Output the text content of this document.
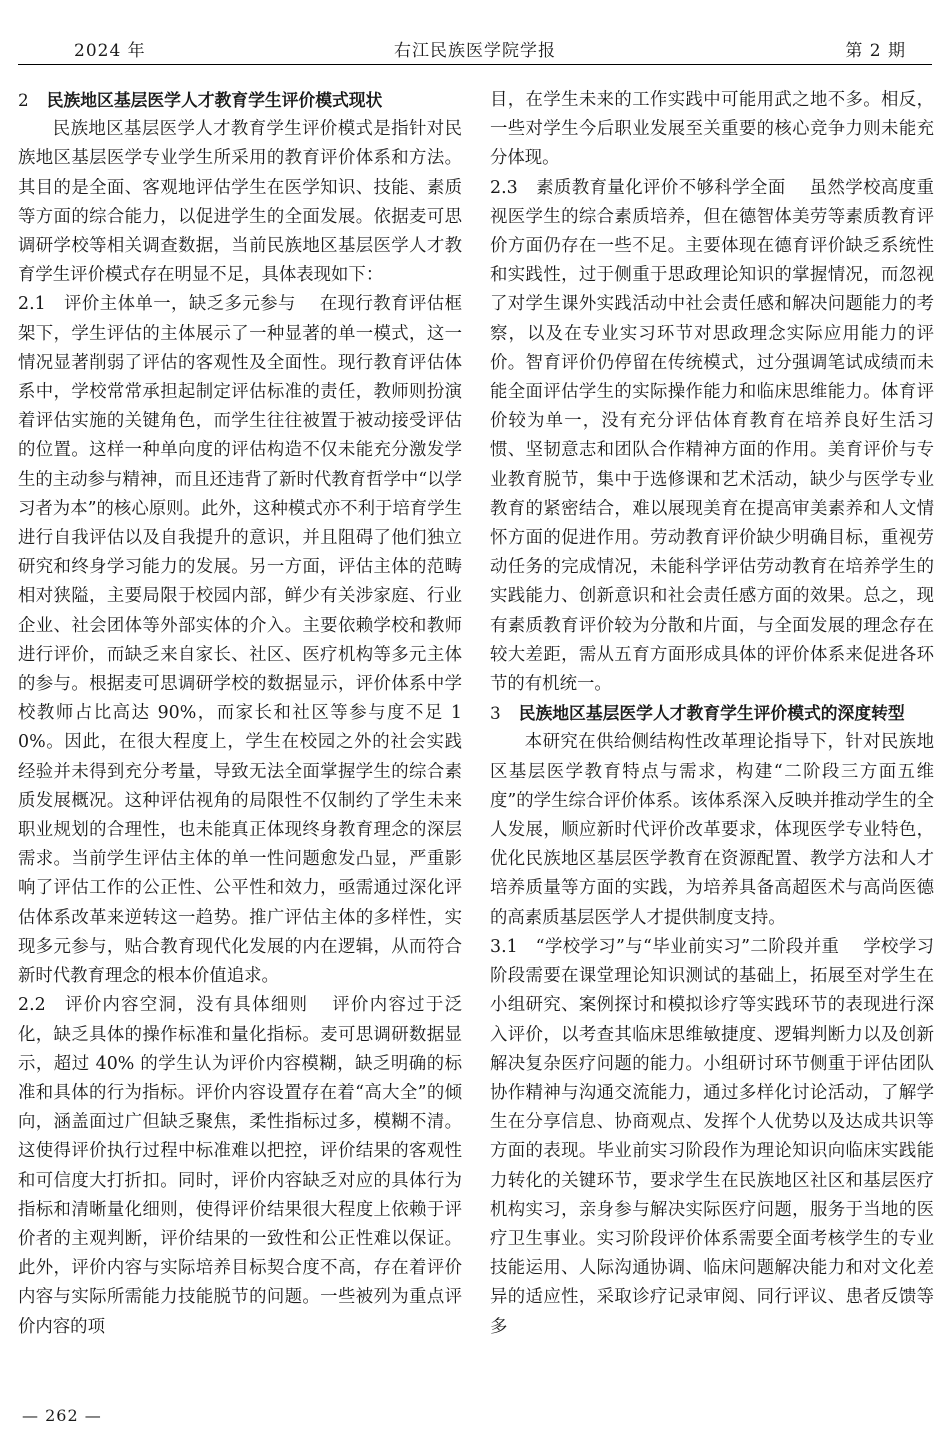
2024 年	右江民族医学院学报	第 2 期

2 民族地区基层医学人才教育学生评价模式现状

民族地区基层医学人才教育学生评价模式是指针对民族地区基层医学专业学生所采用的教育评价体系和方法。其目的是全面、客观地评估学生在医学知识、技能、素质等方面的综合能力，以促进学生的全面发展。依据麦可思调研学校等相关调查数据，当前民族地区基层医学人才教育学生评价模式存在明显不足，具体表现如下：

2.1 评价主体单一，缺乏多元参与 在现行教育评估框架下，学生评估的主体展示了一种显著的单一模式，这一情况显著削弱了评估的客观性及全面性。现行教育评估体系中，学校常常承担起制定评估标准的责任，教师则扮演着评估实施的关键角色，而学生往往被置于被动接受评估的位置。这样一种单向度的评估构造不仅未能充分激发学生的主动参与精神，而且还违背了新时代教育哲学中“以学习者为本”的核心原则。此外，这种模式亦不利于培育学生进行自我评估以及自我提升的意识，并且阻碍了他们独立研究和终身学习能力的发展。另一方面，评估主体的范畴相对狭隘，主要局限于校园内部，鲜少有关涉家庭、行业企业、社会团体等外部实体的介入。主要依赖学校和教师进行评价，而缺乏来自家长、社区、医疗机构等多元主体的参与。根据麦可思调研学校的数据显示，评价体系中学校教师占比高达 90%，而家长和社区等参与度不足 10%。因此，在很大程度上，学生在校园之外的社会实践经验并未得到充分考量，导致无法全面掌握学生的综合素质发展概况。这种评估视角的局限性不仅制约了学生未来职业规划的合理性，也未能真正体现终身教育理念的深层需求。当前学生评估主体的单一性问题愈发凸显，严重影响了评估工作的公正性、公平性和效力，亟需通过深化评估体系改革来逆转这一趋势。推广评估主体的多样性，实现多元参与，贴合教育现代化发展的内在逻辑，从而符合新时代教育理念的根本价值追求。

2.2 评价内容空洞，没有具体细则 评价内容过于泛化，缺乏具体的操作标准和量化指标。麦可思调研数据显示，超过 40% 的学生认为评价内容模糊，缺乏明确的标准和具体的行为指标。评价内容设置存在着“高大全”的倾向，涵盖面过广但缺乏聚焦，柔性指标过多，模糊不清。这使得评价执行过程中标准难以把控，评价结果的客观性和可信度大打折扣。同时，评价内容缺乏对应的具体行为指标和清晰量化细则，使得评价结果很大程度上依赖于评价者的主观判断，评价结果的一致性和公正性难以保证。此外，评价内容与实际培养目标契合度不高，存在着评价内容与实际所需能力技能脱节的问题。一些被列为重点评价内容的项

目，在学生未来的工作实践中可能用武之地不多。相反，一些对学生今后职业发展至关重要的核心竞争力则未能充分体现。

2.3 素质教育量化评价不够科学全面 虽然学校高度重视医学生的综合素质培养，但在德智体美劳等素质教育评价方面仍存在一些不足。主要体现在德育评价缺乏系统性和实践性，过于侧重于思政理论知识的掌握情况，而忽视了对学生课外实践活动中社会责任感和解决问题能力的考察，以及在专业实习环节对思政理念实际应用能力的评价。智育评价仍停留在传统模式，过分强调笔试成绩而未能全面评估学生的实际操作能力和临床思维能力。体育评价较为单一，没有充分评估体育教育在培养良好生活习惯、坚韧意志和团队合作精神方面的作用。美育评价与专业教育脱节，集中于选修课和艺术活动，缺少与医学专业教育的紧密结合，难以展现美育在提高审美素养和人文情怀方面的促进作用。劳动教育评价缺少明确目标，重视劳动任务的完成情况，未能科学评估劳动教育在培养学生的实践能力、创新意识和社会责任感方面的效果。总之，现有素质教育评价较为分散和片面，与全面发展的理念存在较大差距，需从五育方面形成具体的评价体系来促进各环节的有机统一。

3 民族地区基层医学人才教育学生评价模式的深度转型

本研究在供给侧结构性改革理论指导下，针对民族地区基层医学教育特点与需求，构建“二阶段三方面五维度”的学生综合评价体系。该体系深入反映并推动学生的全人发展，顺应新时代评价改革要求，体现医学专业特色，优化民族地区基层医学教育在资源配置、教学方法和人才培养质量等方面的实践，为培养具备高超医术与高尚医德的高素质基层医学人才提供制度支持。

3.1 “学校学习”与“毕业前实习”二阶段并重 学校学习阶段需要在课堂理论知识测试的基础上，拓展至对学生在小组研究、案例探讨和模拟诊疗等实践环节的表现进行深入评价，以考查其临床思维敏捷度、逻辑判断力以及创新解决复杂医疗问题的能力。小组研讨环节侧重于评估团队协作精神与沟通交流能力，通过多样化讨论活动，了解学生在分享信息、协商观点、发挥个人优势以及达成共识等方面的表现。毕业前实习阶段作为理论知识向临床实践能力转化的关键环节，要求学生在民族地区社区和基层医疗机构实习，亲身参与解决实际医疗问题，服务于当地的医疗卫生事业。实习阶段评价体系需要全面考核学生的专业技能运用、人际沟通协调、临床问题解决能力和对文化差异的适应性，采取诊疗记录审阅、同行评议、患者反馈等多

— 262 —
